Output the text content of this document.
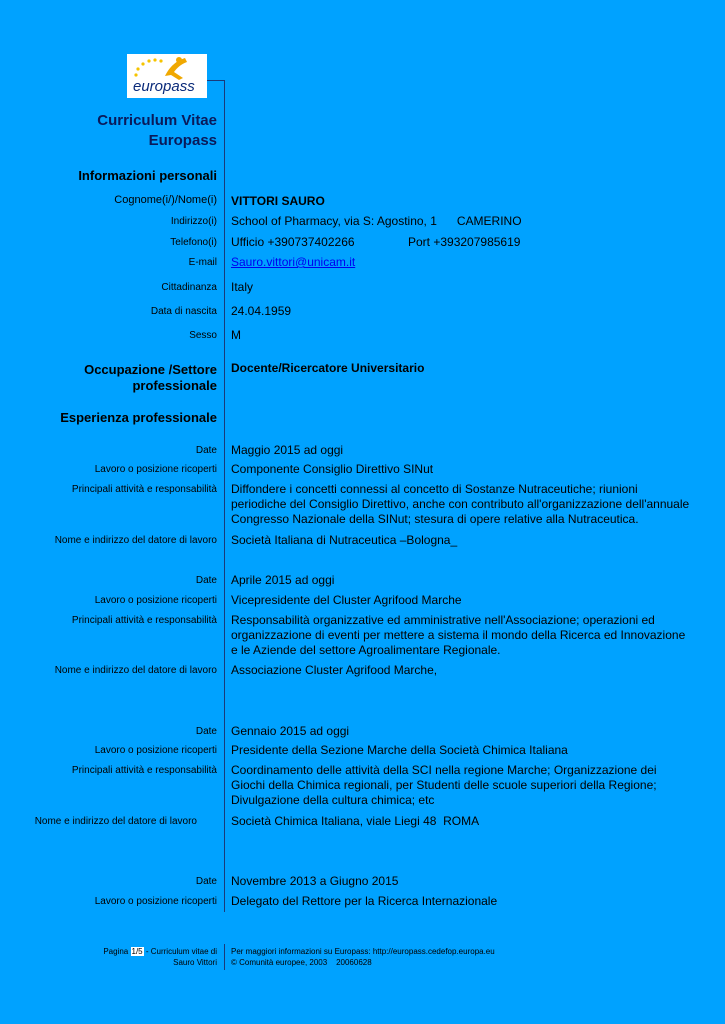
europass
Curriculum Vitae
Europass
Informazioni personali
Cognome(i/)/Nome(i) VITTORI SAURO
Indirizzo(i) School of Pharmacy, via S: Agostino, 1      CAMERINO
Telefono(i) Ufficio +390737402266	Port +393207985619
E-mail Sauro.vittori@unicam.it
Cittadinanza Italy
Data di nascita 24.04.1959
Sesso M
Occupazione /Settore
professionale
Docente/Ricercatore Universitario
Esperienza professionale
Date Maggio 2015 ad oggi
Lavoro o posizione ricoperti Componente Consiglio Direttivo SINut
Principali attività e responsabilità Diffondere i concetti connessi al concetto di Sostanze Nutraceutiche; riunioni periodiche del Consiglio Direttivo, anche con contributo all'organizzazione dell'annuale Congresso Nazionale della SINut; stesura di opere relative alla Nutraceutica.
Nome e indirizzo del datore di lavoro Società Italiana di Nutraceutica –Bologna_
Date Aprile 2015 ad oggi
Lavoro o posizione ricoperti Vicepresidente del Cluster Agrifood Marche
Principali attività e responsabilità Responsabilità organizzative ed amministrative nell'Associazione; operazioni ed organizzazione di eventi per mettere a sistema il mondo della Ricerca ed Innovazione e le Aziende del settore Agroalimentare Regionale.
Nome e indirizzo del datore di lavoro Associazione Cluster Agrifood Marche,
Date Gennaio 2015 ad oggi
Lavoro o posizione ricoperti Presidente della Sezione Marche della Società Chimica Italiana
Principali attività e responsabilità Coordinamento delle attività della SCI nella regione Marche; Organizzazione dei Giochi della Chimica regionali, per Studenti delle scuole superiori della Regione; Divulgazione della cultura chimica; etc
Nome e indirizzo del datore di lavoro	Società Chimica Italiana, viale Liegi 48  ROMA
Date Novembre 2013 a Giugno 2015
Lavoro o posizione ricoperti Delegato del Rettore per la Ricerca Internazionale
Pagina 1/5 - Curriculum vitae di
Sauro Vittori
Per maggiori informazioni su Europass: http://europass.cedefop.europa.eu
© Comunità europee, 2003    20060628
